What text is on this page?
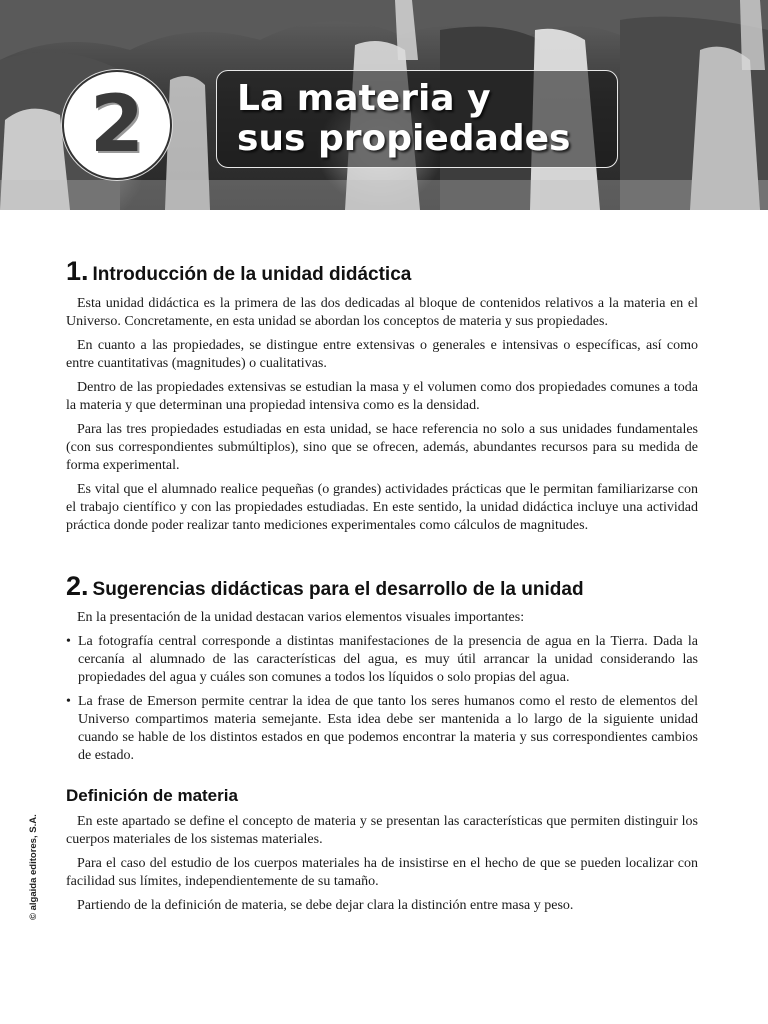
2	La materia y
sus propiedades
1. Introducción de la unidad didáctica

Esta unidad didáctica es la primera de las dos dedicadas al bloque de contenidos relativos a la materia en el Universo. Concretamente, en esta unidad se abordan los conceptos de materia y sus propiedades.

En cuanto a las propiedades, se distingue entre extensivas o generales e intensivas o específicas, así como entre cuantitativas (magnitudes) o cualitativas.

Dentro de las propiedades extensivas se estudian la masa y el volumen como dos propiedades comunes a toda la materia y que determinan una propiedad intensiva como es la densidad.

Para las tres propiedades estudiadas en esta unidad, se hace referencia no solo a sus unidades fundamentales (con sus correspondientes submúltiplos), sino que se ofrecen, además, abundantes recursos para su medida de forma experimental.

Es vital que el alumnado realice pequeñas (o grandes) actividades prácticas que le permitan familiarizarse con el trabajo científico y con las propiedades estudiadas. En este sentido, la unidad didáctica incluye una actividad práctica donde poder realizar tanto mediciones experimentales como cálculos de magnitudes.

2. Sugerencias didácticas para el desarrollo de la unidad

En la presentación de la unidad destacan varios elementos visuales importantes:

• La fotografía central corresponde a distintas manifestaciones de la presencia de agua en la Tierra. Dada la cercanía al alumnado de las características del agua, es muy útil arrancar la unidad considerando las propiedades del agua y cuáles son comunes a todos los líquidos o solo propias del agua.
• La frase de Emerson permite centrar la idea de que tanto los seres humanos como el resto de elementos del Universo compartimos materia semejante. Esta idea debe ser mantenida a lo largo de la siguiente unidad cuando se hable de los distintos estados en que podemos encontrar la materia y sus correspondientes cambios de estado.
Definición de materia

En este apartado se define el concepto de materia y se presentan las características que permiten distinguir los cuerpos materiales de los sistemas materiales.

Para el caso del estudio de los cuerpos materiales ha de insistirse en el hecho de que se pueden localizar con facilidad sus límites, independientemente de su tamaño.

Partiendo de la definición de materia, se debe dejar clara la distinción entre masa y peso.

© algaida editores, S.A.
